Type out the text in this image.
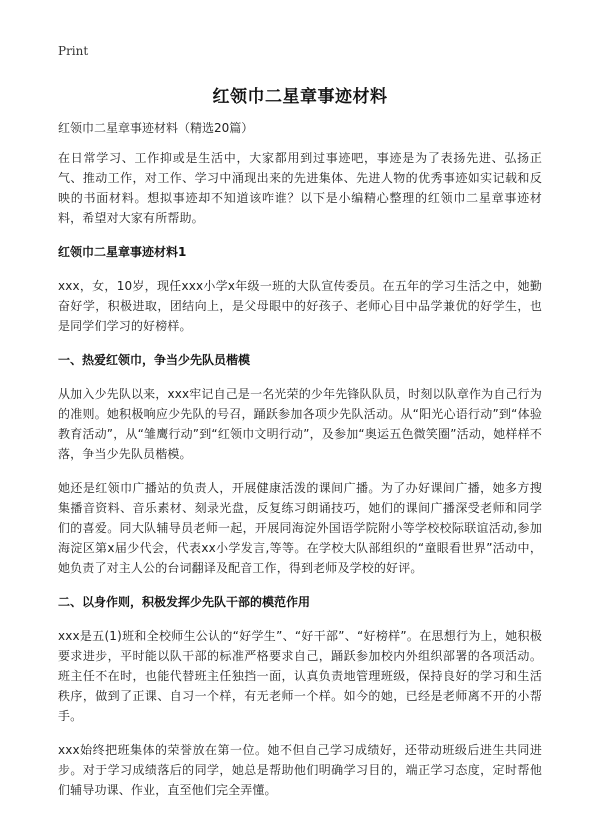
Print
红领巾二星章事迹材料
红领巾二星章事迹材料（精选20篇）

在日常学习、工作抑或是生活中，大家都用到过事迹吧，事迹是为了表扬先进、弘扬正气、推动工作，对工作、学习中涌现出来的先进集体、先进人物的优秀事迹如实记载和反映的书面材料。想拟事迹却不知道该咋谁？以下是小编精心整理的红领巾二星章事迹材料，希望对大家有所帮助。

红领巾二星章事迹材料1

xxx，女，10岁，现任xxx小学x年级一班的大队宣传委员。在五年的学习生活之中，她勤奋好学，积极进取，团结向上，是父母眼中的好孩子、老师心目中品学兼优的好学生，也是同学们学习的好榜样。

一、热爱红领巾，争当少先队员楷模

从加入少先队以来，xxx牢记自己是一名光荣的少年先锋队队员，时刻以队章作为自己行为的准则。她积极响应少先队的号召，踊跃参加各项少先队活动。从“阳光心语行动”到“体验教育活动”，从“雏鹰行动”到“红领巾文明行动”，及参加“奥运五色微笑圈”活动，她样样不落，争当少先队员楷模。

她还是红领巾广播站的负责人，开展健康活泼的课间广播。为了办好课间广播，她多方搜集播音资料、音乐素材、刻录光盘，反复练习朗诵技巧，她们的课间广播深受老师和同学们的喜爱。同大队辅导员老师一起，开展同海淀外国语学院附小等学校校际联谊活动,参加海淀区第x届少代会，代表xx小学发言,等等。在学校大队部组织的“童眼看世界”活动中，她负责了对主人公的台词翻译及配音工作，得到老师及学校的好评。

二、以身作则，积极发挥少先队干部的模范作用

xxx是五(1)班和全校师生公认的“好学生”、“好干部”、“好榜样”。在思想行为上，她积极要求进步，平时能以队干部的标准严格要求自己，踊跃参加校内外组织部署的各项活动。班主任不在时，也能代替班主任独挡一面，认真负责地管理班级，保持良好的学习和生活秩序，做到了正课、自习一个样，有无老师一个样。如今的她，已经是老师离不开的小帮手。

xxx始终把班集体的荣誉放在第一位。她不但自己学习成绩好，还带动班级后进生共同进步。对于学习成绩落后的同学，她总是帮助他们明确学习目的，端正学习态度，定时帮他们辅导功课、作业，直至他们完全弄懂。
